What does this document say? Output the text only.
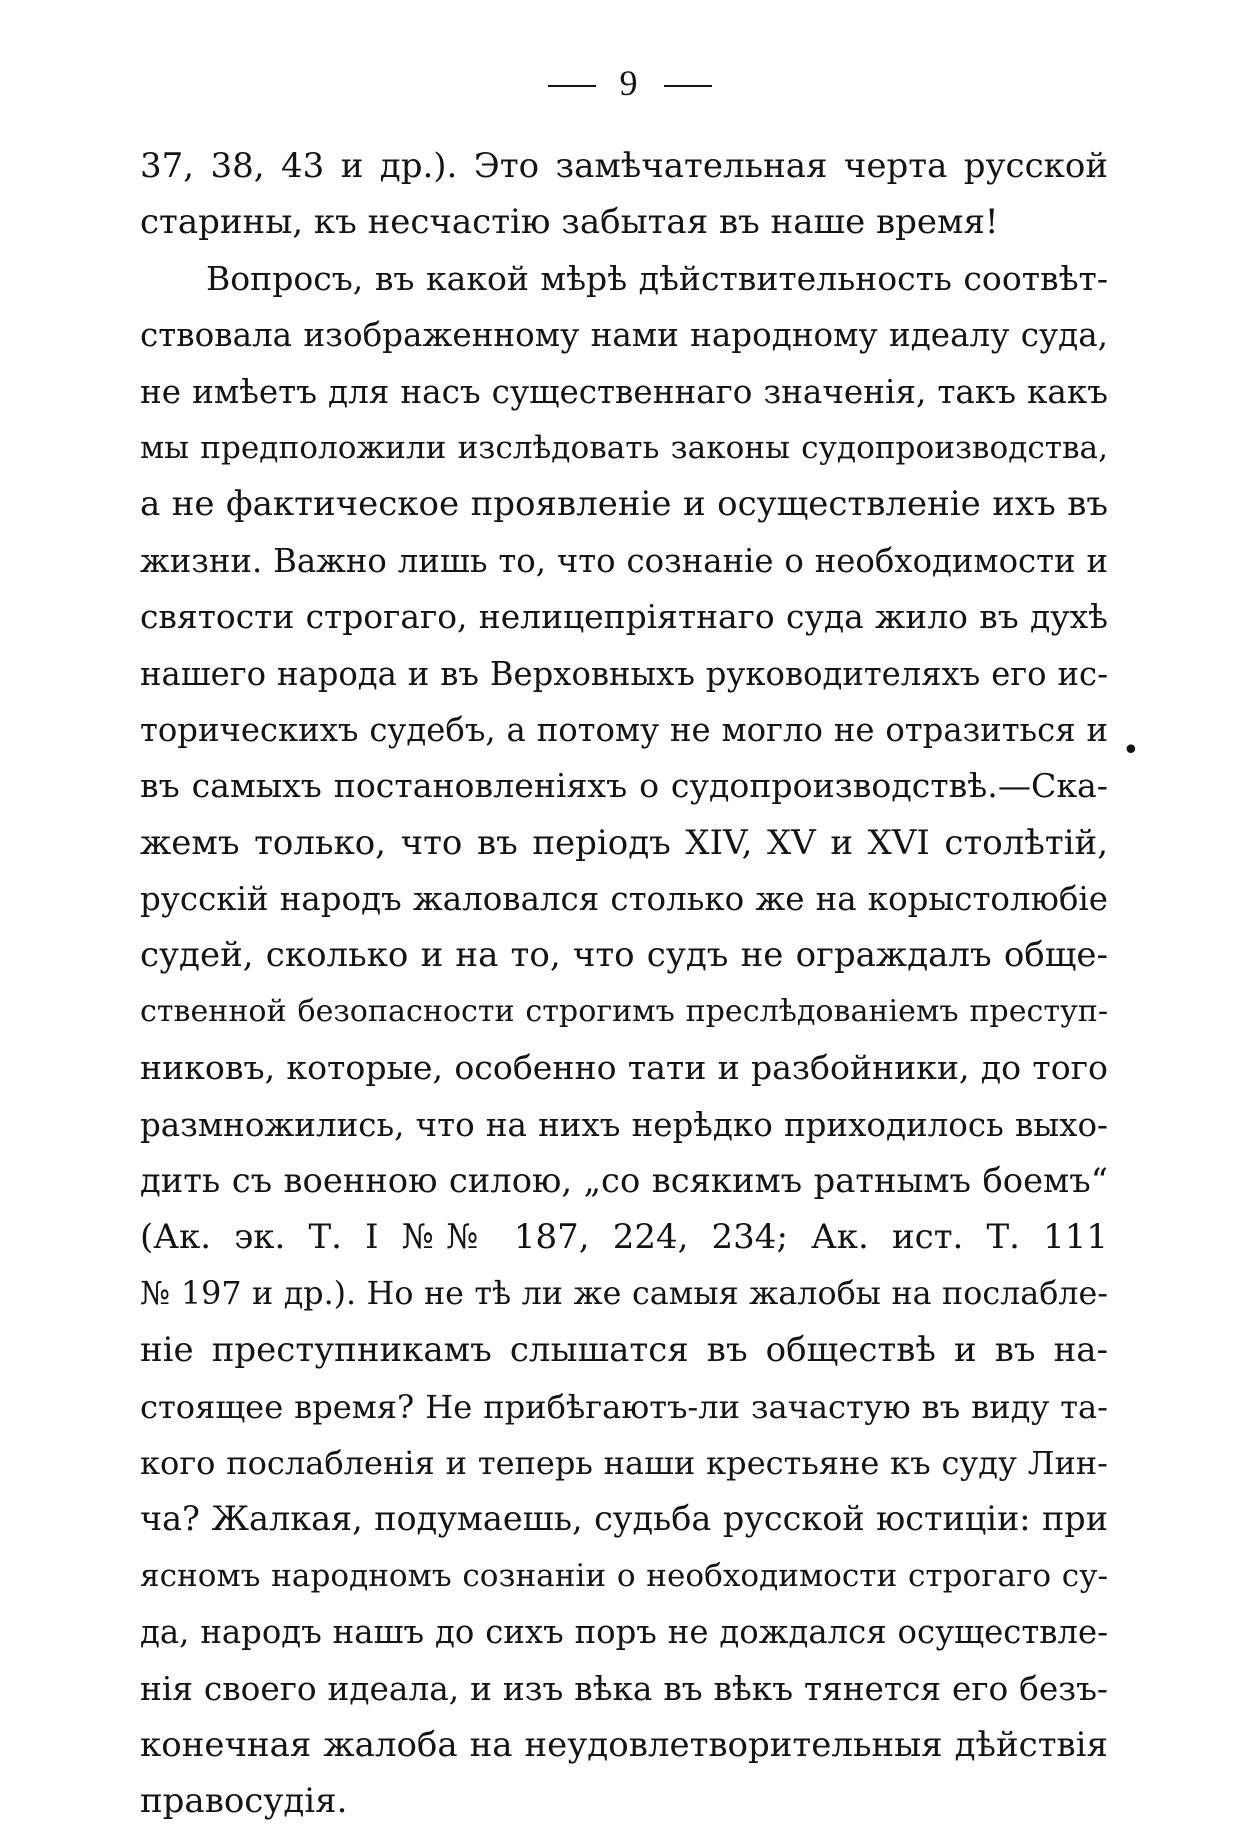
9
37, 38, 43 и др.). Это замѣчательная черта русской
старины, къ несчастію забытая въ наше время!
Вопросъ, въ какой мѣрѣ дѣйствительность соотвѣт-
ствовала изображенному нами народному идеалу суда,
не имѣетъ для насъ существеннаго значенія, такъ какъ
мы предположили изслѣдовать законы судопроизводства,
а не фактическое проявленіе и осуществленіе ихъ въ
жизни. Важно лишь то, что сознаніе о необходимости и
святости строгаго, нелицепріятнаго суда жило въ духѣ
нашего народа и въ Верховныхъ руководителяхъ его ис-
торическихъ судебъ, а потому не могло не отразиться и
въ самыхъ постановленіяхъ о судопроизводствѣ.—Ска-
жемъ только, что въ періодъ XIV, XV и XVI столѣтій,
русскій народъ жаловался столько же на корыстолюбіе
судей, сколько и на то, что судъ не ограждалъ обще-
ственной безопасности строгимъ преслѣдованіемъ преступ-
никовъ, которые, особенно тати и разбойники, до того
размножились, что на нихъ нерѣдко приходилось выхо-
дить съ военною силою, „со всякимъ ратнымъ боемъ“
(Ак. эк. Т. I №№ 187, 224, 234; Ак. ист. Т. 111
№ 197 и др.). Но не тѣ ли же самыя жалобы на послабле-
ніе преступникамъ слышатся въ обществѣ и въ на-
стоящее время? Не прибѣгаютъ-ли зачастую въ виду та-
кого послабленія и теперь наши крестьяне къ суду Лин-
ча? Жалкая, подумаешь, судьба русской юстиціи: при
ясномъ народномъ сознаніи о необходимости строгаго су-
да, народъ нашъ до сихъ поръ не дождался осуществле-
нія своего идеала, и изъ вѣка въ вѣкъ тянется его безъ-
конечная жалоба на неудовлетворительныя дѣйствія
правосудія.
•
